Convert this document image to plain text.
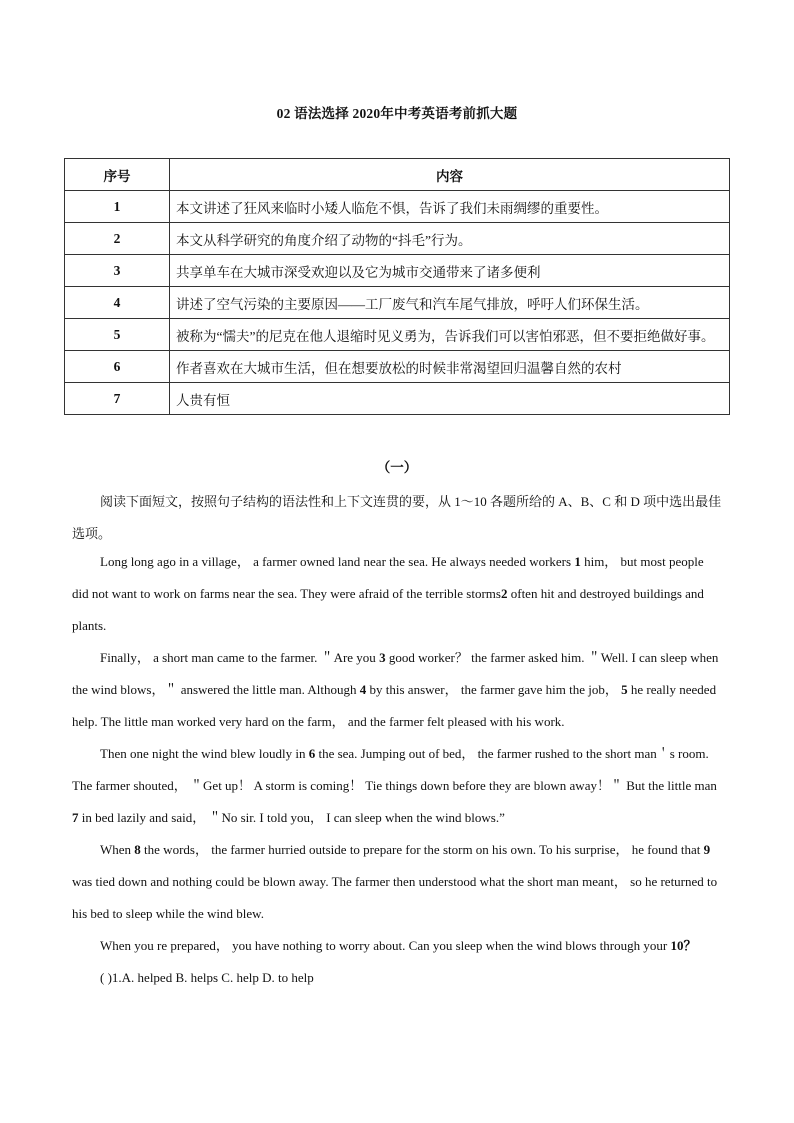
02 语法选择 2020年中考英语考前抓大题
序号	内容
1	本文讲述了狂风来临时小矮人临危不惧，告诉了我们未雨绸缪的重要性。
2	本文从科学研究的角度介绍了动物的“抖毛”行为。
3	共享单车在大城市深受欢迎以及它为城市交通带来了诸多便利
4	讲述了空气污染的主要原因——工厂废气和汽车尾气排放，呼吁人们环保生活。
5	被称为“懦夫”的尼克在他人退缩时见义勇为，告诉我们可以害怕邪恶，但不要拒绝做好事。
6	作者喜欢在大城市生活，但在想要放松的时候非常渴望回归温馨自然的农村
7	人贵有恒
（一）
阅读下面短文，按照句子结构的语法性和上下文连贯的要，从 1～10 各题所给的 A、B、C 和 D 项中选出最佳选项。

Long long ago in a village， a farmer owned land near the sea. He always needed workers 1 him， but most people did not want to work on farms near the sea. They were afraid of the terrible storms2 often hit and destroyed buildings and plants.

Finally， a short man came to the farmer. ＂Are you 3 good worker？ the farmer asked him. ＂Well. I can sleep when the wind blows，＂ answered the little man. Although 4 by this answer， the farmer gave him the job， 5 he really needed help. The little man worked very hard on the farm， and the farmer felt pleased with his work.

Then one night the wind blew loudly in 6 the sea. Jumping out of bed， the farmer rushed to the short man＇s room. The farmer shouted， ＂Get up！ A storm is coming！ Tie things down before they are blown away！＂ But the little man 7 in bed lazily and said， ＂No sir. I told you， I can sleep when the wind blows.”

When 8 the words， the farmer hurried outside to prepare for the storm on his own. To his surprise， he found that 9 was tied down and nothing could be blown away. The farmer then understood what the short man meant， so he returned to his bed to sleep while the wind blew.

When you re prepared， you have nothing to worry about. Can you sleep when the wind blows through your 10？

( )1.A. helped B. helps C. help D. to help
